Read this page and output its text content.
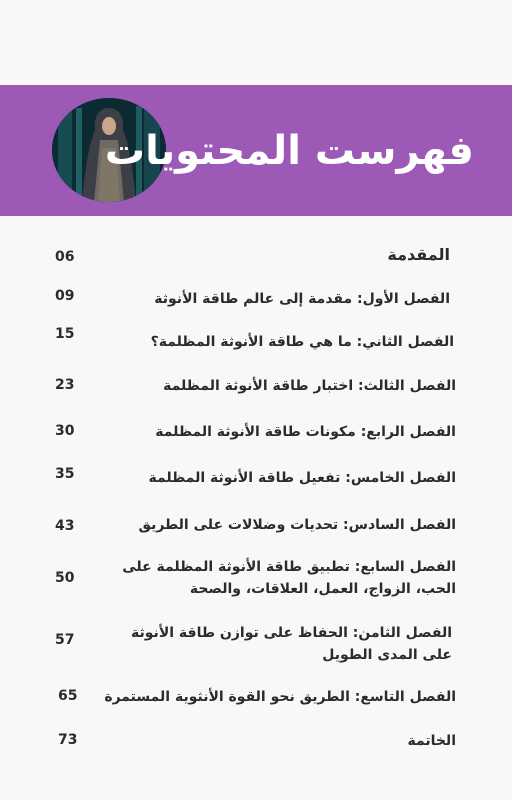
فهرست المحتويات
المقدمة
06
الفصل الأول: مقدمة إلى عالم طاقة الأنوثة
09
الفصل الثاني: ما هي طاقة الأنوثة المظلمة؟
15
الفصل الثالث: اختبار طاقة الأنوثة المظلمة
23
الفصل الرابع: مكونات طاقة الأنوثة المظلمة
30
الفصل الخامس: تفعيل طاقة الأنوثة المظلمة
35
الفصل السادس: تحديات وضلالات على الطريق
43
الفصل السابع: تطبيق طاقة الأنوثة المظلمة على
الحب، الزواج، العمل، العلاقات، والصحة
50
الفصل الثامن: الحفاظ على توازن طاقة الأنوثة
على المدى الطويل
57
الفصل التاسع: الطريق نحو القوة الأنثوية المستمرة
65
الخاتمة
73
